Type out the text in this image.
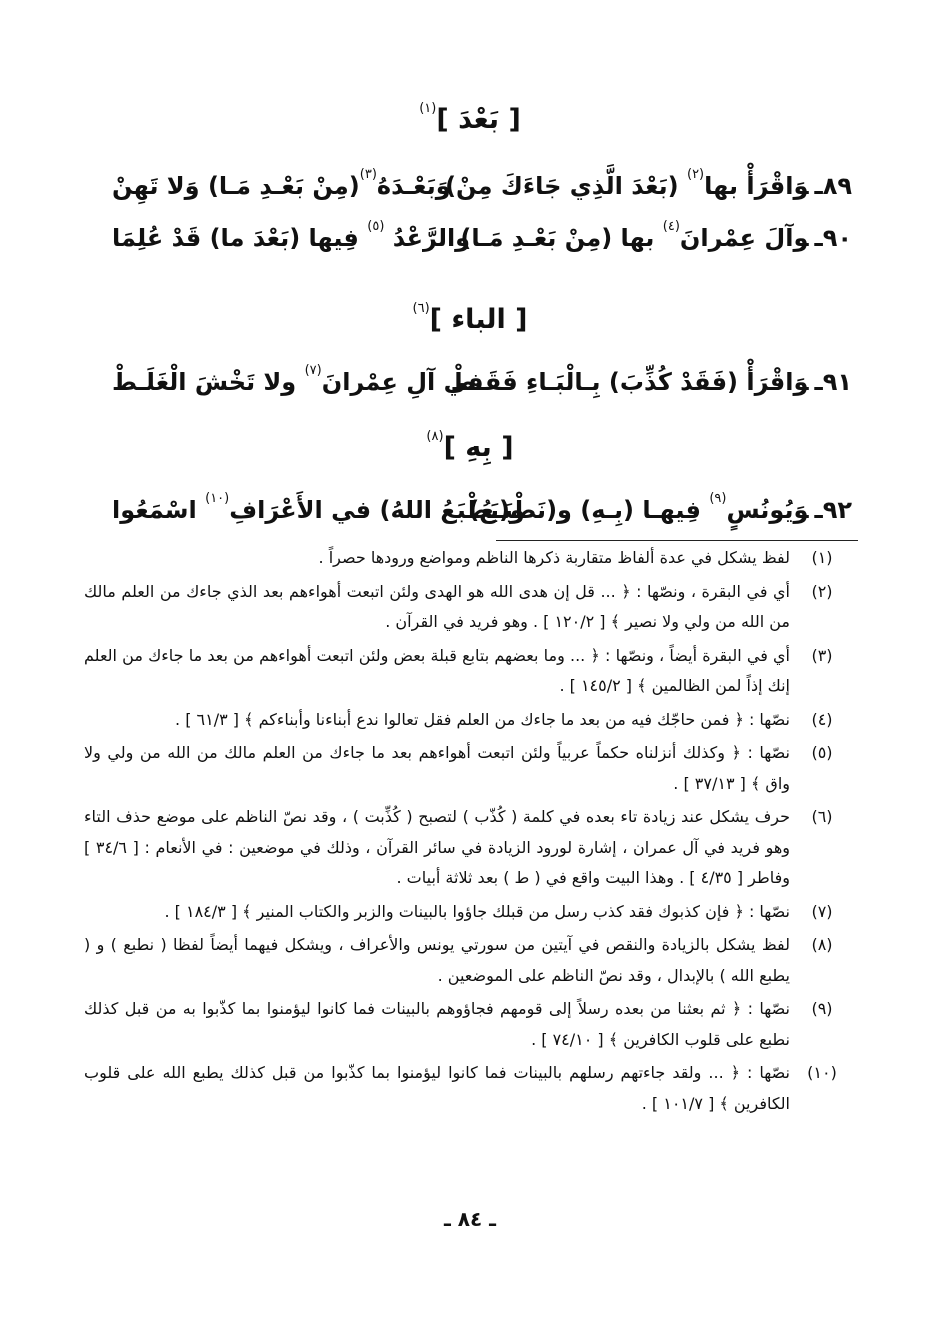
[ بَعْدَ ]$^{(١)}$
٨٩ـوَاقْرَأْ بها$^{(٢)}$ (بَعْدَ الَّذِي جَاءَكَ مِنْ)
وَبَعْـدَهُ$^{(٣)}$(مِنْ بَعْـدِ مَـا) وَلا تَهِنْ
٩٠ـوآلَ عِمْرانَ$^{(٤)}$ بها (مِنْ بَعْـدِ مَـا)
والرَّعْدُ $^{(٥)}$ فِيها (بَعْدَ ما) قَدْ عُلِمَا
[ الباء ]$^{(٦)}$
٩١ـوَاقْرَأْ (فَقَدْ كُذِّبَ) بِـالْبَـاءِ فَقَـطْ
في آلِ عِمْرانَ$^{(٧)}$ ولا تَخْشَ الْغَلَـطْ
[ بِهِ ]$^{(٨)}$
٩٢ـوَيُونُسٍ$^{(٩)}$ فِيهـا (بِـهِ) و(نَطْبَـعُ)
و(يَطْبَعُ اللهُ) في الأَعْرَافِ$^{(١٠)}$ اسْمَعُوا
(١)
لفظ يشكل في عدة ألفاظ متقاربة ذكرها الناظم ومواضع ورودها حصراً .
(٢)
أي في البقرة ، ونصّها : ﴿ ... قل إن هدى الله هو الهدى ولئن اتبعت أهواءهم بعد الذي جاءك من العلم مالك من الله من ولي ولا نصير ﴾ [ ١٢٠/٢ ] . وهو فريد في القرآن .
(٣)
أي في البقرة أيضاً ، ونصّها : ﴿ ... وما بعضهم بتابع قبلة بعض ولئن اتبعت أهواءهم من بعد ما جاءك من العلم إنك إذاً لمن الظالمين ﴾ [ ١٤٥/٢ ] .
(٤)
نصّها : ﴿ فمن حاجّك فيه من بعد ما جاءك من العلم فقل تعالوا ندع أبناءنا وأبناءكم ﴾ [ ٦١/٣ ] .
(٥)
نصّها : ﴿ وكذلك أنزلناه حكماً عربياً ولئن اتبعت أهواءهم بعد ما جاءك من العلم مالك من الله من ولي ولا واق ﴾ [ ٣٧/١٣ ] .
(٦)
حرف يشكل عند زيادة تاء بعده في كلمة ( كُذّب ) لتصبح ( كُذِّبت ) ، وقد نصّ الناظم على موضع حذف التاء وهو فريد في آل عمران ، إشارة لورود الزيادة في سائر القرآن ، وذلك في موضعين : في الأنعام : [ ٣٤/٦ ] وفاطر [ ٤/٣٥ ] . وهذا البيت واقع في ( ط ) بعد ثلاثة أبيات .
(٧)
نصّها : ﴿ فإن كذبوك فقد كذب رسل من قبلك جاؤوا بالبينات والزبر والكتاب المنير ﴾ [ ١٨٤/٣ ] .
(٨)
لفظ يشكل بالزيادة والنقص في آيتين من سورتي يونس والأعراف ، ويشكل فيهما أيضاً لفظا ( نطبع ) و ( يطبع الله ) بالإبدال ، وقد نصّ الناظم على الموضعين .
(٩)
نصّها : ﴿ ثم بعثنا من بعده رسلاً إلى قومهم فجاؤوهم بالبينات فما كانوا ليؤمنوا بما كذّبوا به من قبل كذلك نطبع على قلوب الكافرين ﴾ [ ٧٤/١٠ ] .
(١٠)
نصّها : ﴿ ... ولقد جاءتهم رسلهم بالبينات فما كانوا ليؤمنوا بما كذّبوا من قبل كذلك يطبع الله على قلوب الكافرين ﴾ [ ١٠١/٧ ] .
ـ ٨٤ ـ
